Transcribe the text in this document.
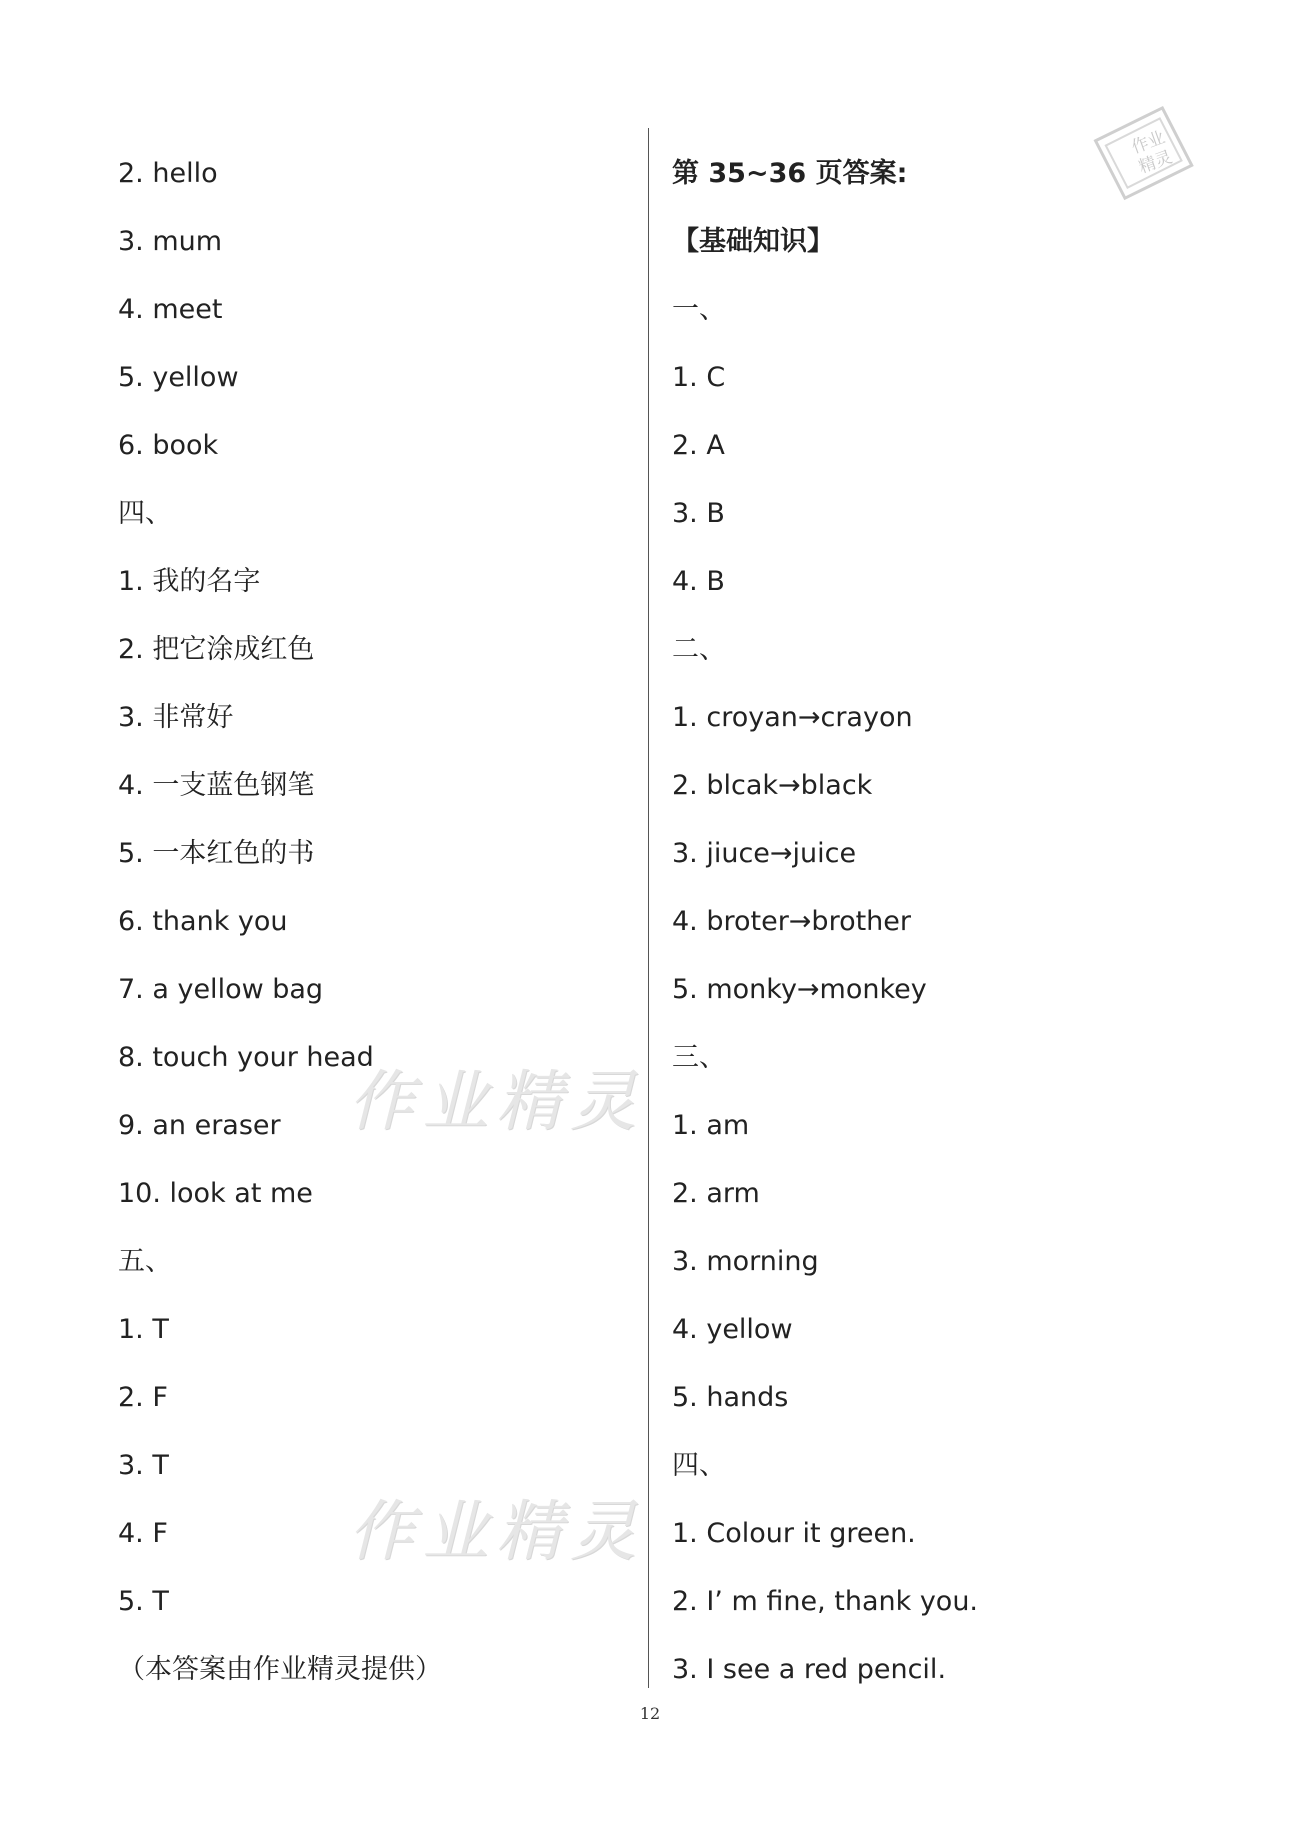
2. hello
3. mum
4. meet
5. yellow
6. book
四、
1. 我的名字
2. 把它涂成红色
3. 非常好
4. 一支蓝色钢笔
5. 一本红色的书
6. thank you
7. a yellow bag
8. touch your head
9. an eraser
10. look at me
五、
1. T
2. F
3. T
4. F
5. T
（本答案由作业精灵提供）
第 35~36 页答案:
【基础知识】
一、
1. C
2. A
3. B
4. B
二、
1. croyan→crayon
2. blcak→black
3. jiuce→juice
4. broter→brother
5. monky→monkey
三、
1. am
2. arm
3. morning
4. yellow
5. hands
四、
1. Colour it green.
2. I’ m fine, thank you.
3. I see a red pencil.
作业精灵
作业精灵
作业
精灵
12
